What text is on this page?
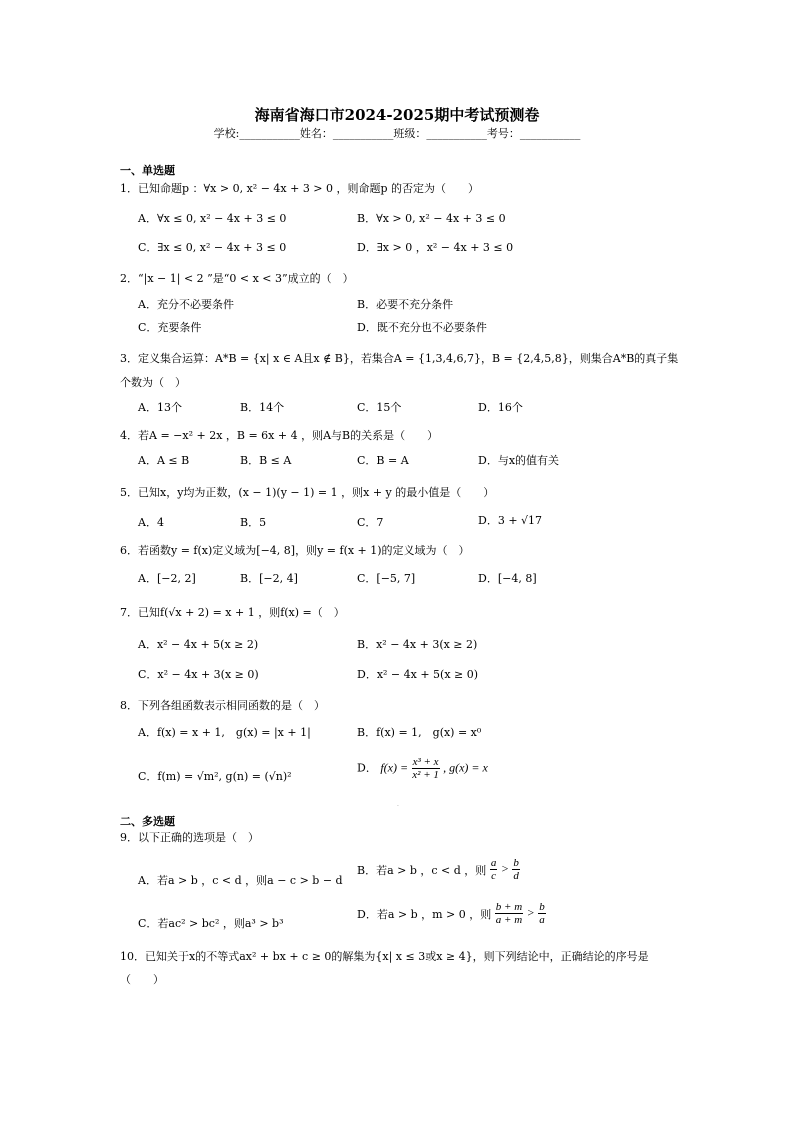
海南省海口市2024-2025期中考试预测卷
学校:___________姓名：___________班级：___________考号：___________
一、单选题
1．已知命题p ：∀x > 0, x² − 4x + 3 > 0 ，则命题p 的否定为（　　）
A．∀x ≤ 0, x² − 4x + 3 ≤ 0	B．∀x > 0, x² − 4x + 3 ≤ 0
C．∃x ≤ 0, x² − 4x + 3 ≤ 0	D．∃x > 0 ，x² − 4x + 3 ≤ 0
2．“|x − 1| < 2 ”是“0 < x < 3”成立的（　）
A．充分不必要条件	B．必要不充分条件
C．充要条件	D．既不充分也不必要条件
3．定义集合运算：A*B = {x| x ∈ A且x ∉ B}，若集合A = {1,3,4,6,7}，B = {2,4,5,8}，则集合A*B的真子集
个数为（　）
A．13个	B．14个	C．15个	D．16个
4．若A = −x² + 2x ，B = 6x + 4 ，则A与B的关系是（　　）
A．A ≤ B	B．B ≤ A	C．B = A	D．与x的值有关
5．已知x，y均为正数，(x − 1)(y − 1) = 1 ，则x + y 的最小值是（　　）
A．4	B．5	C．7	D．3 + √17
6．若函数y = f(x)定义域为[−4, 8]，则y = f(x + 1)的定义域为（　）
A．[−2, 2]	B．[−2, 4]	C．[−5, 7]	D．[−4, 8]
7．已知f(√x + 2) = x + 1 ，则f(x) =（　）
A．x² − 4x + 5(x ≥ 2)	B．x² − 4x + 3(x ≥ 2)
C．x² − 4x + 3(x ≥ 0)	D．x² − 4x + 5(x ≥ 0)
8．下列各组函数表示相同函数的是（　）
A．f(x) = x + 1,　g(x) = |x + 1|	B．f(x) = 1,　g(x) = x⁰
C．f(m) = √m², g(n) = (√n)²
D． $f(x) = \frac{\text{x³ + x}}{\text{x² + 1}}$ , g(x) = x
·
二、多选题
9．以下正确的选项是（　）
A．若a > b ，c < d ，则a − c > b − d
B．若a > b ，c < d ，则 $\frac{a}{c} > \frac{b}{d}$
C．若ac² > bc² ，则a³ > b³
D．若a > b ，m > 0 ，则 $\frac{b + m}{a + m} > \frac{b}{a}$
10．已知关于x的不等式ax² + bx + c ≥ 0的解集为{x| x ≤ 3或x ≥ 4}，则下列结论中，正确结论的序号是
（　　）
